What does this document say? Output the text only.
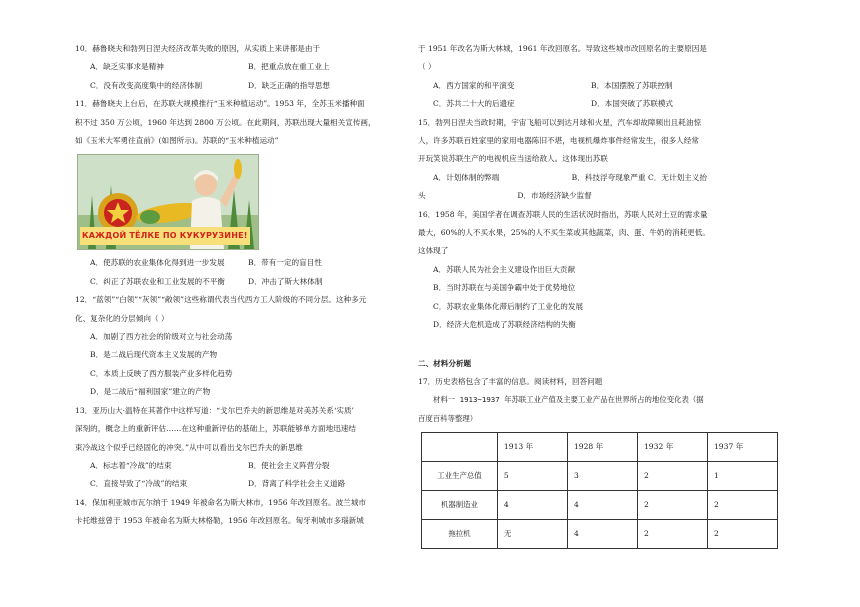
10．赫鲁晓夫和勃列日涅夫经济改革失败的原因，从实质上来讲都是由于
A．缺乏实事求是精神	B．把重点放在重工业上
C．没有改变高度集中的经济体制	D．缺乏正确的指导思想
11．赫鲁晓夫上台后，在苏联大规模推行“玉米种植运动”。1953 年，全苏玉米播种面
积不过 350 万公顷，1960 年达到 2800 万公顷。在此期间，苏联出现大量相关宣传画，
如《玉米大军勇往直前》(如图所示)。苏联的“玉米种植运动”
КАЖДОЙ ТЁЛКЕ ПО КУКУРУЗИНЕ!
A．使苏联的农业集体化得到进一步发展	B．带有一定的盲目性
C．纠正了苏联农业和工业发展的不平衡	D．冲击了斯大林体制
12．“蓝领”“白领”“灰领”“敞领”这些称谓代表当代西方工人阶级的不同分层。这种多元
化、复杂化的分层倾向（ ）
A．加剧了西方社会的阶级对立与社会动荡
B．是二战后现代资本主义发展的产物
C．本质上反映了西方服装产业多样化趋势
D．是二战后“福利国家”建立的产物
13．亚历山大·温特在其著作中这样写道：“戈尔巴乔夫的新思维是对美苏关系‘实质’
深刻的，概念上的重新评估……在这种重新评估的基础上，苏联能够单方面地迅速结
束冷战这个似乎已经固化的冲突。”从中可以看出戈尔巴乔夫的新思维
A．标志着“冷战”的结束	B．使社会主义阵营分裂
C．直接导致了“冷战”的结束	D．背离了科学社会主义道路
14．保加利亚城市瓦尔纳于 1949 年被命名为斯大林市，1956 年改回原名。波兰城市
卡托维兹曾于 1953 年被命名为斯大林格勒，1956 年改回原名。匈牙利城市多瑙新城
于 1951 年改名为斯大林城，1961 年改回原名。导致这些城市改回原名的主要原因是
（ ）
A．西方国家的和平演变	B．本国摆脱了苏联控制
C．苏共二十大的后遗症	D．本国突破了苏联模式
15．勃列日涅夫当政时期，宇宙飞船可以到达月球和火星，汽车却故障频出且耗油惊
人，许多苏联百姓家里的家用电器陈旧不堪，电视机爆炸事件经常发生，很多人经常
开玩笑说苏联生产的电视机应当送给敌人。这体现出苏联
A．计划体制的弊端                              B．科技浮夸现象严重 C．无计划主义抬
头                                      D．市场经济缺少监督
16．1958 年，美国学者在调查苏联人民的生活状况时指出，苏联人民对土豆的需求量
最大，60%的人不买水果，25%的人不买生菜或其他蔬菜，肉、蛋、牛奶的消耗更低。
这体现了
A．苏联人民为社会主义建设作出巨大贡献
B．当时苏联在与美国争霸中处于优势地位
C．苏联农业集体化滞后制约了工业化的发展
D．经济大危机造成了苏联经济结构的失衡
二、材料分析题
17．历史表格包含了丰富的信息。阅读材料，回答问题
材料一 1913~1937 年苏联工业产值及主要工业产品在世界所占的地位变化表（据
百度百科等整理）
	1913 年	1928 年	1932 年	1937 年
工业生产总值	5	3	2	1
机器制造业	4	4	2	2
拖拉机	无	4	2	2
